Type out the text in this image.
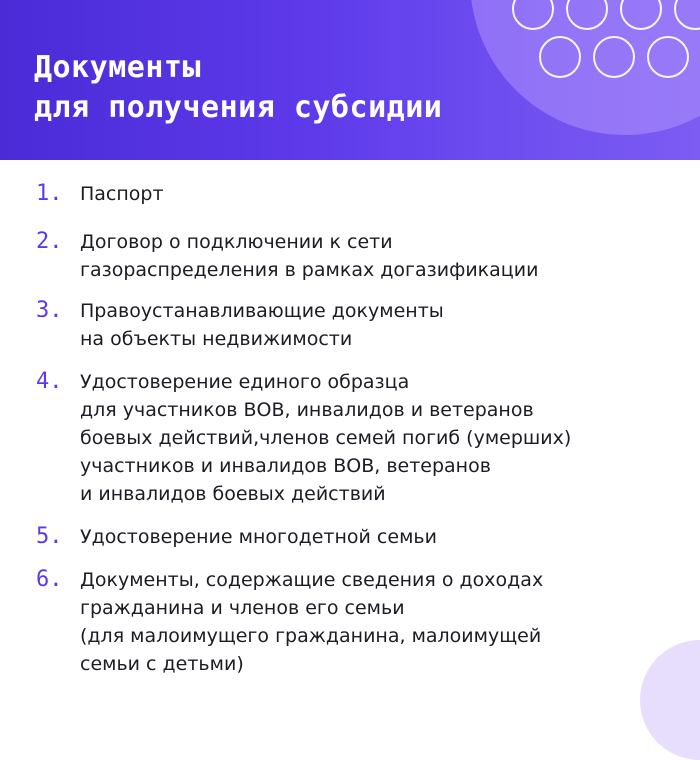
Документы
для получения субсидии
1. Паспорт
2. Договор о подключении к сети
газораспределения в рамках догазификации
3. Правоустанавливающие документы
на объекты недвижимости
4. Удостоверение единого образца
для участников ВОВ, инвалидов и ветеранов
боевых действий,членов семей погиб (умерших)
участников и инвалидов ВОВ, ветеранов
и инвалидов боевых действий
5. Удостоверение многодетной семьи
6. Документы, содержащие сведения о доходах
гражданина и членов его семьи
(для малоимущего гражданина, малоимущей
семьи с детьми)
